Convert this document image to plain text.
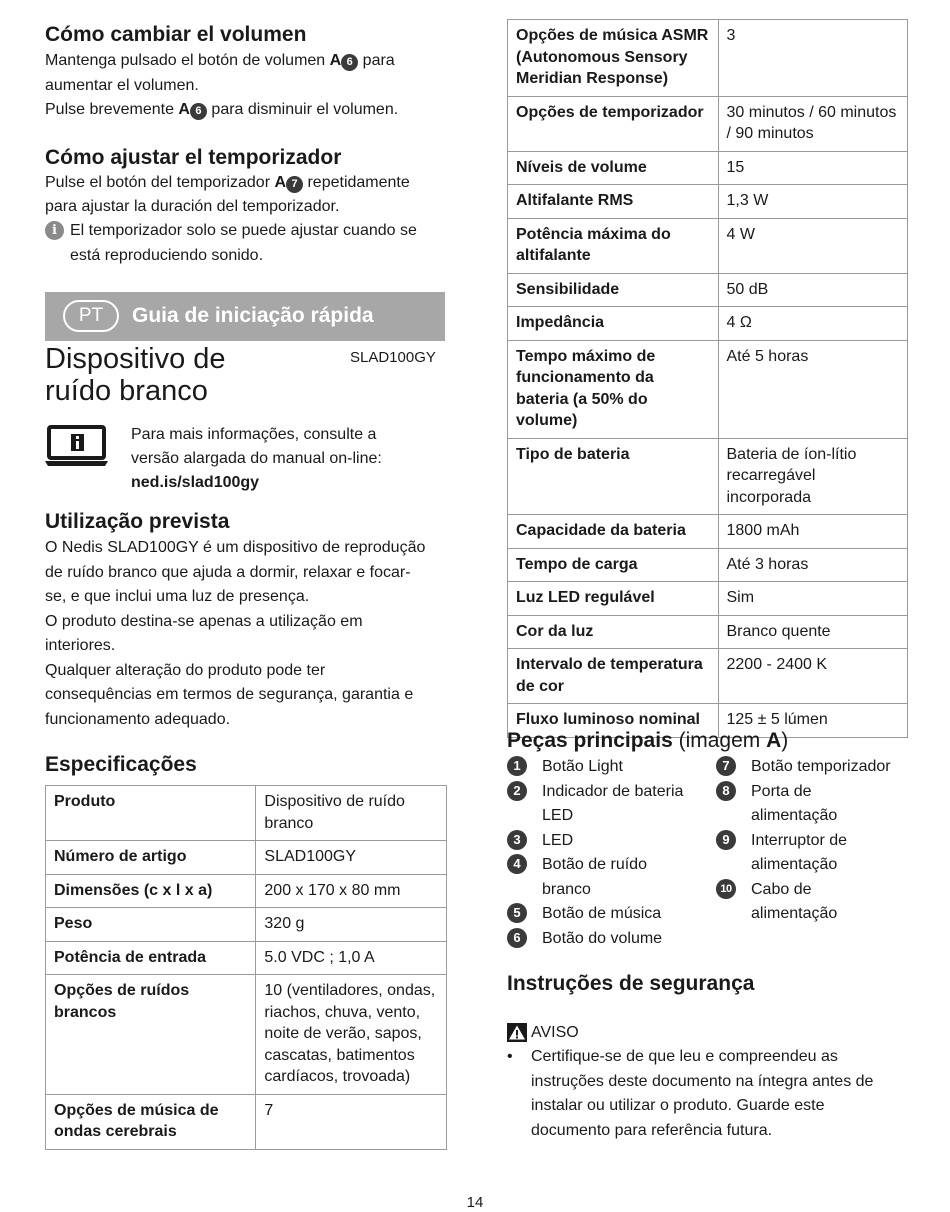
Cómo cambiar el volumen

Mantenga pulsado el botón de volumen A 6 para

aumentar el volumen.

Pulse brevemente A 6 para disminuir el volumen.

Cómo ajustar el temporizador

Pulse el botón del temporizador A 7 repetidamente

para ajustar la duración del temporizador.

i El temporizador solo se puede ajustar cuando se

está reproduciendo sonido.

Dispositivo de
ruído branco

SLAD100GY

Para mais informações, consulte a

versão alargada do manual on-line:

ned.is/slad100gy

Utilização prevista

O Nedis SLAD100GY é um dispositivo de reprodução

de ruído branco que ajuda a dormir, relaxar e focar-

se, e que inclui uma luz de presença.

O produto destina-se apenas a utilização em

interiores.

Qualquer alteração do produto pode ter

consequências em termos de segurança, garantia e

funcionamento adequado.

Especificações
Produto	Dispositivo de ruído branco
Número de artigo	SLAD100GY
Dimensões (c x l x a)	200 x 170 x 80 mm
Peso	320 g
Potência de entrada	5.0 VDC ; 1,0 A
Opções de ruídos brancos	10 (ventiladores, ondas, riachos, chuva, vento, noite de verão, sapos, cascatas, batimentos cardíacos, trovoada)
Opções de música de ondas cerebrais	7
PT	Guia de iniciação rápida
Opções de música ASMR (Autonomous Sensory Meridian Response)	3
Opções de temporizador	30 minutos / 60 minutos / 90 minutos
Níveis de volume	15
Altifalante RMS	1,3 W
Potência máxima do altifalante	4 W
Sensibilidade	50 dB
Impedância	4 Ω
Tempo máximo de funcionamento da bateria (a 50% do volume)	Até 5 horas
Tipo de bateria	Bateria de íon-lítio recarregável incorporada
Capacidade da bateria	1800 mAh
Tempo de carga	Até 3 horas
Luz LED regulável	Sim
Cor da luz	Branco quente
Intervalo de temperatura de cor	2200 - 2400 K
Fluxo luminoso nominal	125 ± 5 lúmen
Peças principais (imagem A)
1	Botão Light
2	Indicador de bateria
LED
3	LED
4	Botão de ruído
branco
5	Botão de música
6	Botão do volume
7	Botão temporizador
8	Porta de
alimentação
9	Interruptor de
alimentação
10 Cabo de
alimentação
Instruções de segurança

AVISO

• Certifique-se de que leu e compreendeu as

instruções deste documento na íntegra antes de

instalar ou utilizar o produto. Guarde este

documento para referência futura.

14
